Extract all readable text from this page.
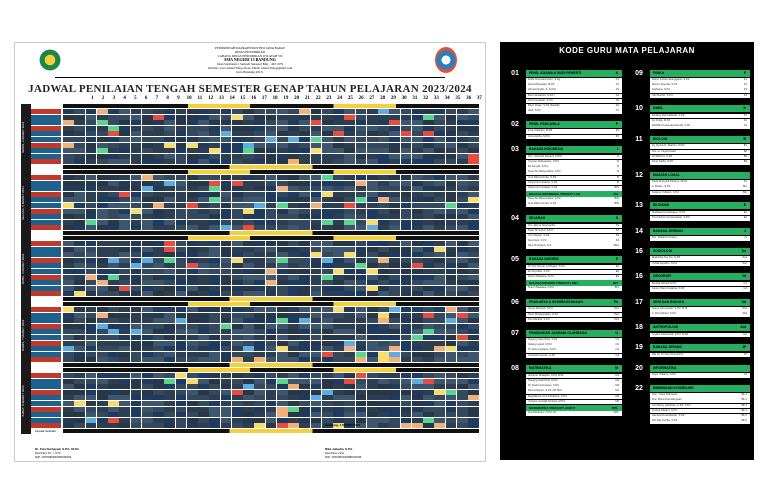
PEMERINTAH DAERAH PROVINSI JAWA BARAT
DINAS PENDIDIKAN
CABANG DINAS PENDIDIKAN WILAYAH VII
SMA NEGERI 15 BANDUNG
Jalan Sarimanis 1 Sarijadi Sukasari Bdg – 402 1979
Website: www.sman15bdg.sch.id, Email: sman15bdg@gmail.com
Kota Bandung 40151
JADWAL PENILAIAN TENGAH SEMESTER GENAP TAHUN PELAJARAN 2023/2024
1	2	3	4	5	6	7	8	9	10	11	12	13	14	15	16	17	18	19	20	21	22	23	24	25	26	27	28	29	30	31	32	33	34	35	36	37
SENIN, 4 MARET 2024
SELASA, 5 MARET 2024
RABU, 6 MARET 2024
KAMIS, 7 MARET 2024
JUMAT, 8 MARET 2024
Bandung, 1 MARET 2024
Kepala Sekolah	Wakil Kepala Sekolah Kurikulum
Dr. Teta Nurhayati, S.Pd., M.Pd.
Pembina Tk. I, IV/b
NIP. 197006062000032003
Rika Juhedia, S.Pd.
Pembina, IV/a
NIP. 197005291998031006
KODE GURU MATA PELAJARAN
01	PEND. AGAMA & BUDI PEKERTI	A
Dede Rusmana Ateri, S.Ag	A1
Hera Mulyawati, M.Pd	A2
Ahmad Sudin, S. S.Pd.I	A3
Buo Hamiarsih, S.Pd.I	A4
Zul Kurniawan, S.Pd	A5
Boyo Irfaan, S.Pd (Katolik)	A6
Atuli, S.Pd	A7
02	PEND. PANCASILA	P
Lina Yulistiani, M.Pd	P1
Aura Aprilia, M.Pd	P2
03	BAHASA INDONESIA	I
Drs. Yanti Siti Nurjanti, M.Pd	I1
Yoyoen Sulisyawan, S.Pd	I2
Eti Suryati, S.Pd	I3
Dewi Sri Rhayunidea, S.Pd	I4
Lina Rafi Hurinda, S.Pd	I5
Aulya Nur Hutasta, S.Pd	I6
Aulya Nur Hutasta, S.Pd	BIN
BAHASA INDONESIA TINGKAT LAN	DA
Dewi Sri Rhayunidea, S.Pd	BIN
Lina Rafi Hurinda, S.Pd	BIN
04	SEJARAH	S
Dra. Ellmia Suprivadini	S1
Dewi Sri Astuti, S.Pd	S2
Yuli Irfayani, S.Pd	S3
Ika Ariani, S.Pd	S4
Nine Rosiyanti, S.S	SRA
05	BAHASA INGGRIS	E
Dr. Nur Ennan Inndiyanti, S.Pd	E1
Eri Ariyulika, S.Pd	E2
Nurun Maulana, S.Pd	E3
BAHASA INGGRIS TINGKAT LANJ	BIT
Nurun Maulana, S.Pd	BIT
06	PRAKARYA & KEWIRAUSAHAAN	Pk
Surya Rivuijoh, S.Pd	Pk1
Dewi Rubayandani, S.Pd	Pk2
Dwi Marlina, S.Pd	Pk3
07	PENDIDIKAN JASMANI OLAHRAGA	O
Nanang Saut Dani, S.Pd	O1
Gilang Lupati, M.Pd	O2
Tri Wiwi Lestiana, S.Pd	O3
Andriadi Kusnan, S.Pd	O4
08	MATEMATIKA	M
Istiyanto Widagdo, S.Pd, M.M	M1
Nanang Hadi Firdi, M.Pd	M2
Dr. Dedi Hermawan, S.Pd	M3
Rina Ardiyani, S.Pd, MT.Mat	M4
Magdalena Yeni Rusdiana, S.Pd	M5
Yuliyani Jomadil Fitriana, M.Pd	M6
MATEMATIKA TINGKAT LANJUT	MTL
Dra.Wartiatmi, S.Pd, Ds	MTL
09	FISIKA	F
Retno Kuhai Haringgapsi, S.Pd	F1
Marsu Juherda, S.Pd	F2
Fathiana, S.Pd	F3
Sitti Nurfitri, S.Pd	F4
10	KIMIA	K
Endang Rohmahwati, S.Pd	K1
Hj. Kuria, M.Pd	K2
Wahidin Kusumaputranda, S.Pd	K3
11	BIOLOGI	B
Hj. Nyaris R. Martino, M.Pd	B1
Drs. H. Yayat Isnadi	B2
Sri Rahma, S.Pd	B3
Sinto Faida, S.Pd	B4
12	MUATAN LOKAL
Dede Ruhyadi Parteno, M.Pd	Ps
Ii. Mulam, S.Pd	Bm
Sulamo Yulhaini, S.Pd	Btn
13	EKONOMI	E
Nuzlhara Kusidayana, S.Pd	E1
Tiru Farhum Kusumawan, S.Pd	E2
14	BAHASA JERMAN	J
Drs. Teddy Permana	J1
16	SOSIOLOGI	So
Maduriha Nur Ani, S.Pd	So1
Yuliati Agustini, S.Pd	So2
16	GEOGRAFI	GI
Budiali Rohadi S.Pd	G1
Fanny Riani Anatana, S.Pd	G2
17	SENI DAN BUDAYA	Sb
Nuryo Permanaer, S.Pd, M.M	Sb1
Ir. Fitri Adriani, S.Pd	Sb2
18	ANTROPOLOGI	Ant
Aryanti Irtamanda, S.Pd, M.Pd	Ant
19	BAHASA JEPANG	JP
Rai Hy Tri Sari Vinsyahrini	JP
20	INFORMATIKA
Fiqro Yulianto, S.Pd	Inf
22	BIMBINGAN KONSELING
Hon. Yuwa Pulimanto	Bk 1
Dra. Moira Komalangsari	Bk 2
Ani Rezhy Hanfiana, S.Pd, S.Pd	Bk 3
Teresa Istiarim, S.Pd	Bk 4
Hendra Ruhandanah, S.Pd	Bk 5
Rio Dwi Kurdia, S.Pd	Bk 6
